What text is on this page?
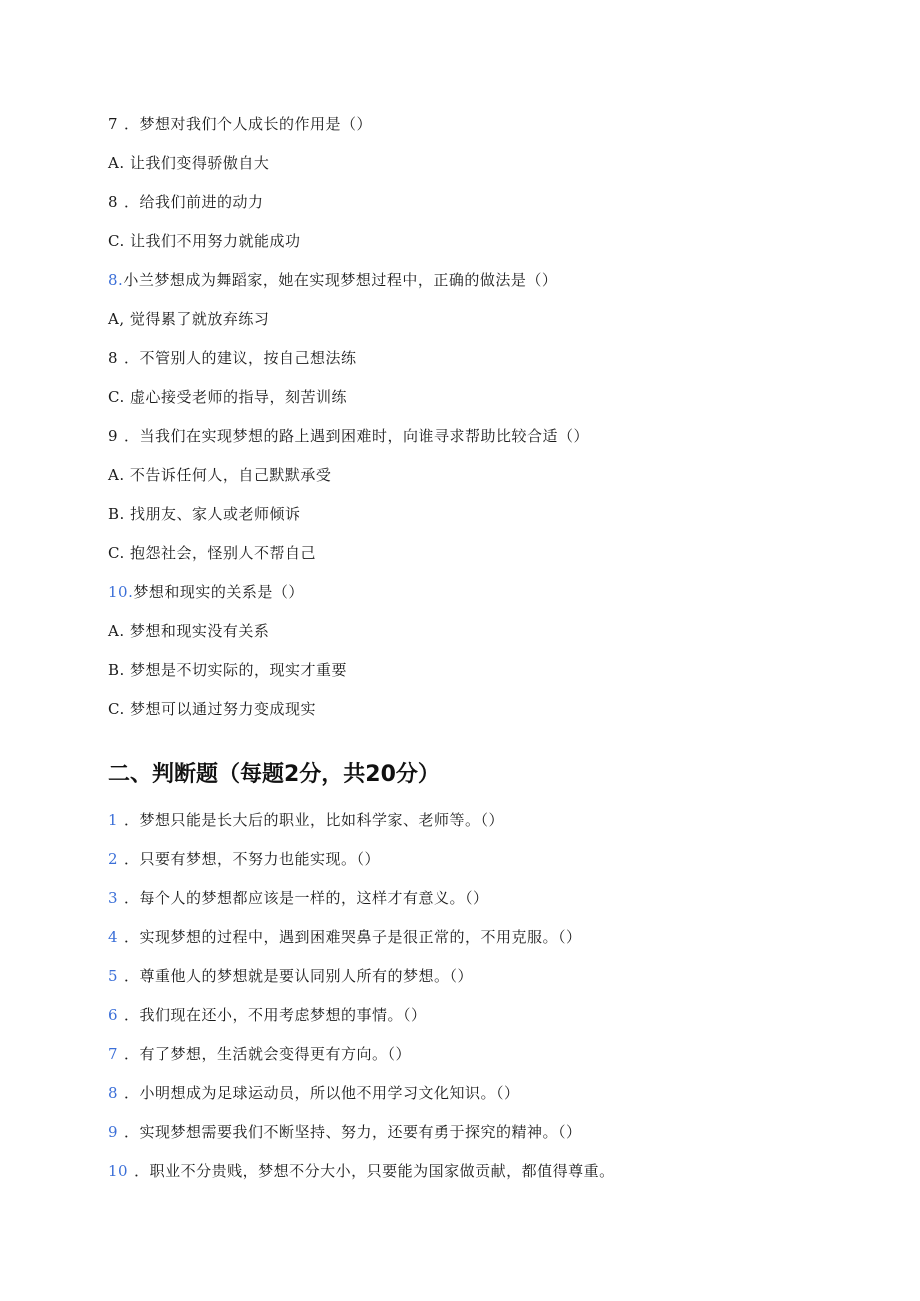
7 ．梦想对我们个人成长的作用是（）
A. 让我们变得骄傲自大
8 ．给我们前进的动力
C. 让我们不用努力就能成功
8.小兰梦想成为舞蹈家，她在实现梦想过程中，正确的做法是（）
A, 觉得累了就放弃练习
8 ．不管别人的建议，按自己想法练
C. 虚心接受老师的指导，刻苦训练
9 ．当我们在实现梦想的路上遇到困难时，向谁寻求帮助比较合适（）
A. 不告诉任何人，自己默默承受
B. 找朋友、家人或老师倾诉
C. 抱怨社会，怪别人不帮自己
10.梦想和现实的关系是（）
A. 梦想和现实没有关系
B. 梦想是不切实际的，现实才重要
C. 梦想可以通过努力变成现实
二、判断题（每题2分，共20分）
1 ．梦想只能是长大后的职业，比如科学家、老师等。（）
2 ．只要有梦想，不努力也能实现。（）
3 ．每个人的梦想都应该是一样的，这样才有意义。（）
4 ．实现梦想的过程中，遇到困难哭鼻子是很正常的，不用克服。（）
5 ．尊重他人的梦想就是要认同别人所有的梦想。（）
6 ．我们现在还小，不用考虑梦想的事情。（）
7 ．有了梦想，生活就会变得更有方向。（）
8 ．小明想成为足球运动员，所以他不用学习文化知识。（）
9 ．实现梦想需要我们不断坚持、努力，还要有勇于探究的精神。（）
10 ．职业不分贵贱，梦想不分大小，只要能为国家做贡献，都值得尊重。
